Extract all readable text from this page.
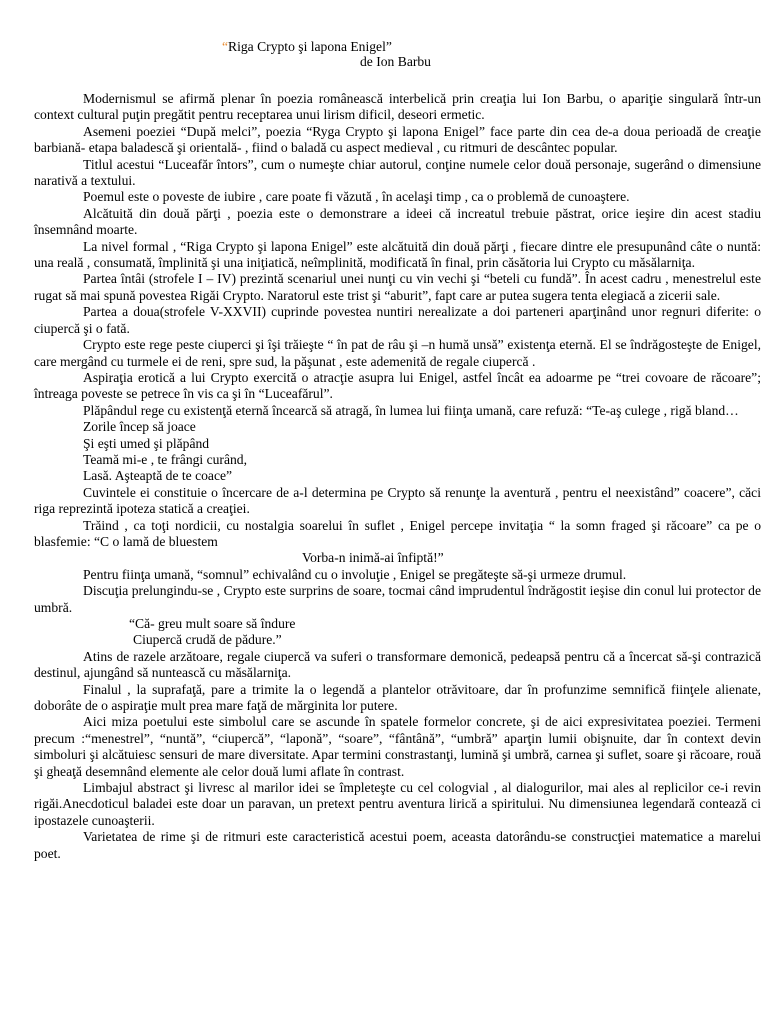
“Riga Crypto şi lapona Enigel”
de Ion Barbu

Modernismul se afirmă plenar în poezia românească interbelică prin creaţia lui Ion Barbu, o apariţie singulară într-un context cultural puţin pregătit pentru receptarea unui lirism dificil, deseori ermetic.

Asemeni poeziei “După melci”, poezia “Ryga Crypto şi lapona Enigel” face parte din cea de-a doua perioadă de creaţie barbiană- etapa baladescă şi orientală- , fiind o baladă cu aspect medieval , cu ritmuri de descântec popular.

Titlul acestui “Luceafăr întors”, cum o numeşte chiar autorul, conţine numele celor două personaje, sugerând o dimensiune narativă a textului.

Poemul este o poveste de iubire , care poate fi văzută , în acelaşi timp , ca o problemă de cunoaştere.

Alcătuită din două părţi , poezia este o demonstrare a ideei că increatul trebuie păstrat, orice ieşire din acest stadiu însemnând moarte.

La nivel formal , “Riga Crypto şi lapona Enigel” este alcătuită din două părţi , fiecare dintre ele presupunând câte o nuntă: una reală , consumată, împlinită şi una iniţiatică, neîmplinită, modificată în final, prin căsătoria lui Crypto cu măsălarniţa.

Partea întâi (strofele I – IV) prezintă scenariul unei nunţi cu vin vechi şi “beteli cu fundă”. În acest cadru , menestrelul este rugat să mai spună povestea Rigăi Crypto. Naratorul este trist şi “aburit”, fapt care ar putea sugera tenta elegiacă a zicerii sale.

Partea a doua(strofele V-XXVII) cuprinde povestea nuntiri nerealizate a doi parteneri aparţinând unor regnuri diferite: o ciupercă şi o fată.

Crypto este rege peste ciuperci şi îşi trăieşte “ în pat de râu şi –n humă unsă” existenţa eternă. El se îndrăgosteşte de Enigel, care mergând cu turmele ei de reni, spre sud, la păşunat , este ademenită de regale ciupercă .

Aspiraţia erotică a lui Crypto exercită o atracţie asupra lui Enigel, astfel încât ea adoarme pe “trei covoare de răcoare”; întreaga poveste se petrece în vis ca şi în “Luceafărul”.

Plăpândul rege cu existenţă eternă încearcă să atragă, în lumea lui fiinţa umană, care refuză: “Te-aş culege , rigă bland…

Zorile încep să joace
Şi eşti umed şi plăpând
Teamă mi-e , te frângi curând,
Lasă. Aşteaptă de te coace”

Cuvintele ei constituie o încercare de a-l determina pe Crypto să renunţe la aventură , pentru el neexistând” coacere”, căci riga reprezintă ipoteza statică a creaţiei.

Trăind , ca toţi nordicii, cu nostalgia soarelui în suflet , Enigel percepe invitaţia “ la somn fraged şi răcoare” ca pe o blasfemie: “C o lamă de bluestem

Vorba-n inimă-ai înfiptă!”

Pentru fiinţa umană, “somnul” echivalând cu o involuţie , Enigel se pregăteşte să-şi urmeze drumul.

Discuţia prelungindu-se , Crypto este surprins de soare, tocmai când imprudentul îndrăgostit ieşise din conul lui protector de umbră.

“Că- greu mult soare să îndure
Ciupercă crudă de pădure.”

Atins de razele arzătoare, regale ciupercă va suferi o transformare demonică, pedeapsă pentru că a încercat să-şi contrazică destinul, ajungând să nuntească cu măsălarniţa.

Finalul , la suprafaţă, pare a trimite la o legendă a plantelor otrăvitoare, dar în profunzime semnifică fiinţele alienate, doborâte de o aspiraţie mult prea mare faţă de mărginita lor putere.

Aici miza poetului este simbolul care se ascunde în spatele formelor concrete, şi de aici expresivitatea poeziei. Termeni precum :“menestrel”, “nuntă”, “ciupercă”, “laponă”, “soare”, “fântână”, “umbră” aparţin lumii obişnuite, dar în context devin simboluri şi alcătuiesc sensuri de mare diversitate. Apar termini constrastanţi, lumină şi umbră, carnea şi suflet, soare şi răcoare, rouă şi gheaţă desemnând elemente ale celor două lumi aflate în contrast.

Limbajul abstract şi livresc al marilor idei se împleteşte cu cel cologvial , al dialogurilor, mai ales al replicilor ce-i revin rigăi.Anecdoticul baladei este doar un paravan, un pretext pentru aventura lirică a spiritului. Nu dimensiunea legendară contează ci ipostazele cunoaşterii.

Varietatea de rime şi de ritmuri este caracteristică acestui poem, aceasta datorându-se construcţiei matematice a marelui poet.
